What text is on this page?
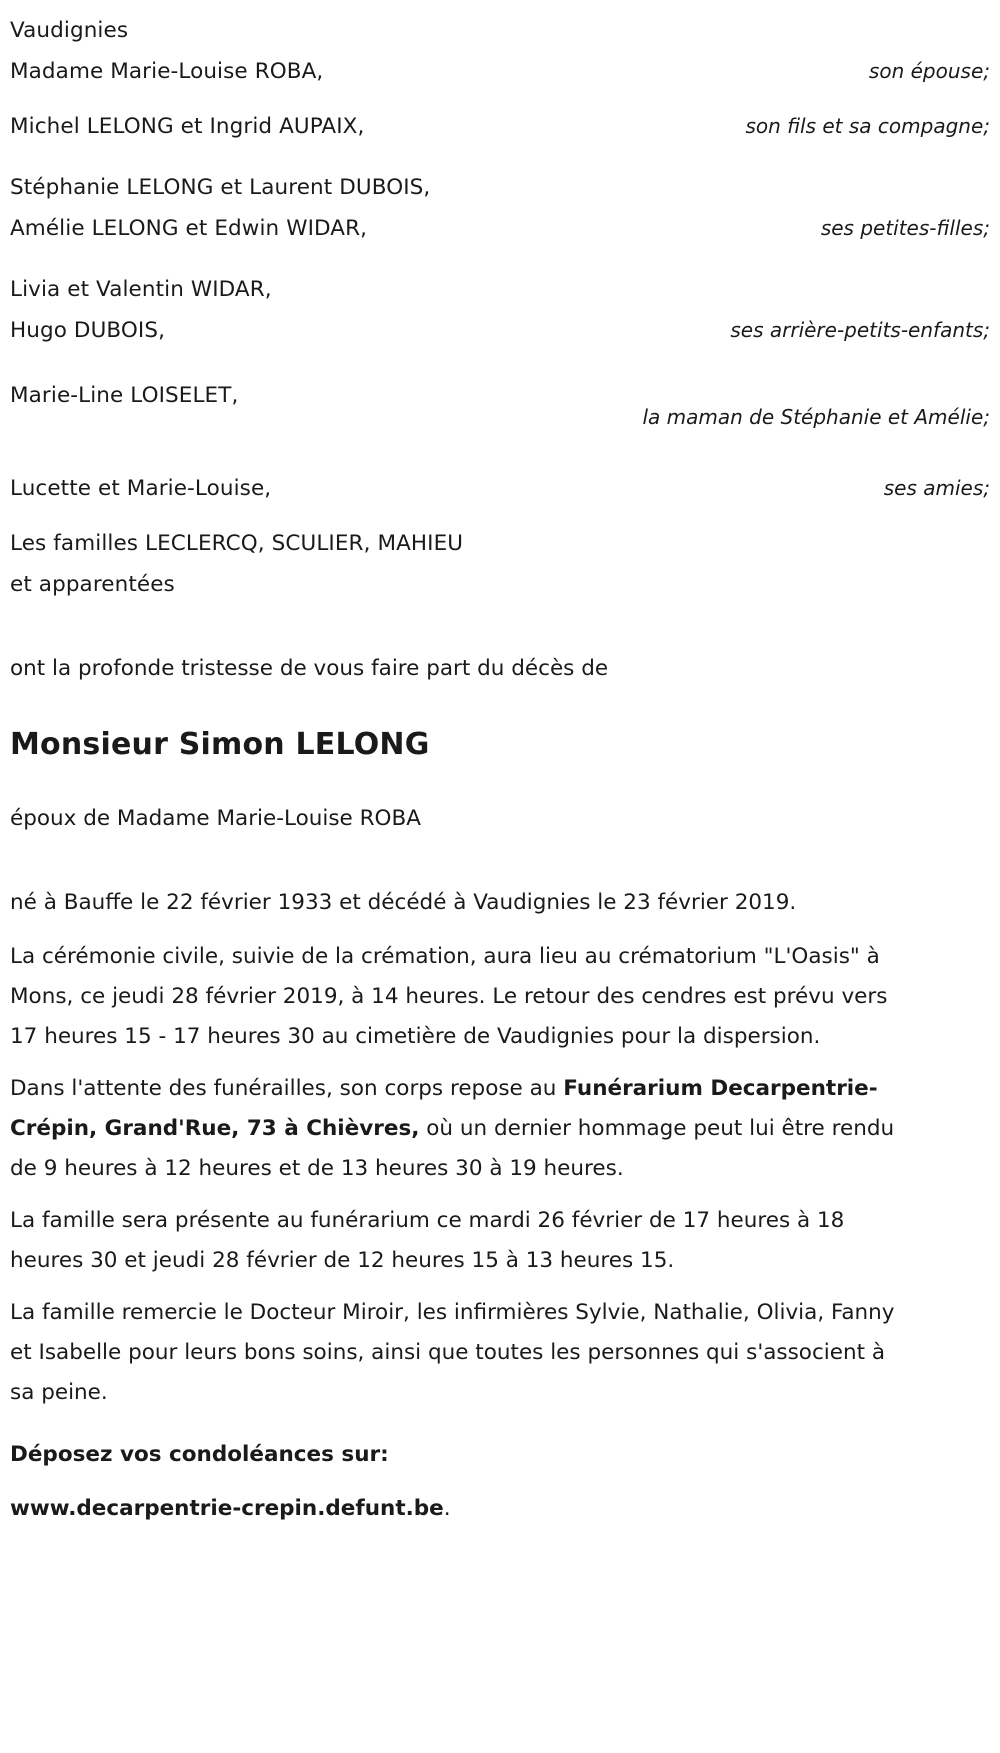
Vaudignies
Madame Marie-Louise ROBA,	son épouse;

Michel LELONG et Ingrid AUPAIX,	son fils et sa compagne;

Stéphanie LELONG et Laurent DUBOIS,
Amélie LELONG et Edwin WIDAR,	ses petites-filles;

Livia et Valentin WIDAR,
Hugo DUBOIS,	ses arrière-petits-enfants;

Marie-Line LOISELET,	la maman de Stéphanie et Amélie;

Lucette et Marie-Louise,	ses amies;

Les familles LECLERCQ, SCULIER, MAHIEU
et apparentées	

ont la profonde tristesse de vous faire part du décès de

Monsieur Simon LELONG

époux de Madame Marie-Louise ROBA

né à Bauffe le 22 février 1933 et décédé à Vaudignies le 23 février 2019.

La cérémonie civile, suivie de la crémation, aura lieu au crématorium "L'Oasis" à Mons, ce jeudi 28 février 2019, à 14 heures. Le retour des cendres est prévu vers 17 heures 15 - 17 heures 30 au cimetière de Vaudignies pour la dispersion.

Dans l'attente des funérailles, son corps repose au Funérarium Decarpentrie-Crépin, Grand'Rue, 73 à Chièvres, où un dernier hommage peut lui être rendu de 9 heures à 12 heures et de 13 heures 30 à 19 heures.

La famille sera présente au funérarium ce mardi 26 février de 17 heures à 18 heures 30 et jeudi 28 février de 12 heures 15 à 13 heures 15.

La famille remercie le Docteur Miroir, les infirmières Sylvie, Nathalie, Olivia, Fanny et Isabelle pour leurs bons soins, ainsi que toutes les personnes qui s'associent à sa peine.

Déposez vos condoléances sur:

www.decarpentrie-crepin.defunt.be.
